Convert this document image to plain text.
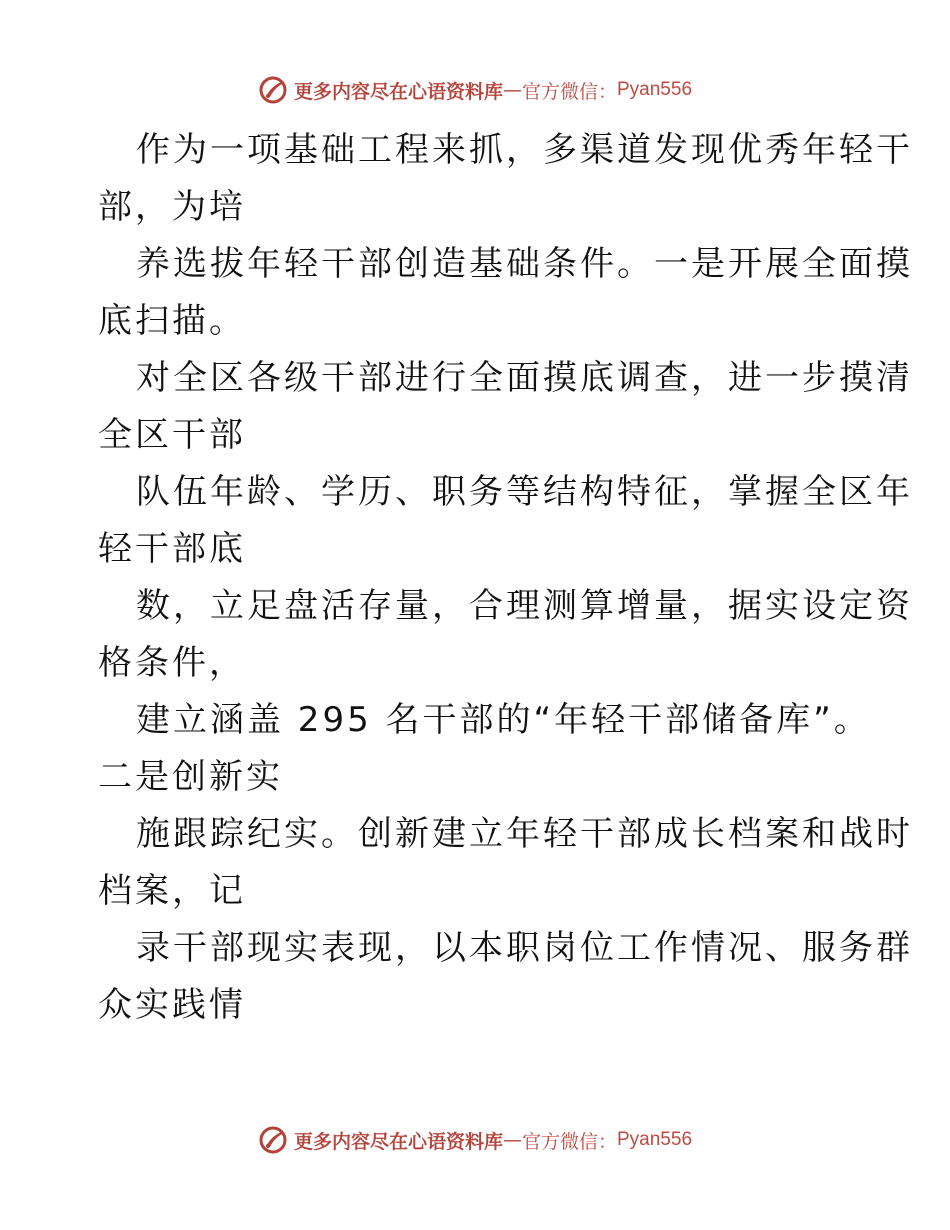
更多内容尽在心语资料库 — 官方微信： Pyan556
作为一项基础工程来抓，多渠道发现优秀年轻干
部，为培
养选拔年轻干部创造基础条件。一是开展全面摸
底扫描。
对全区各级干部进行全面摸底调查，进一步摸清
全区干部
队伍年龄、学历、职务等结构特征，掌握全区年
轻干部底
数，立足盘活存量，合理测算增量，据实设定资
格条件，
建立涵盖 295 名干部的“年轻干部储备库”。
二是创新实
施跟踪纪实。创新建立年轻干部成长档案和战时
档案，记
录干部现实表现，以本职岗位工作情况、服务群
众实践情
更多内容尽在心语资料库 — 官方微信： Pyan556
